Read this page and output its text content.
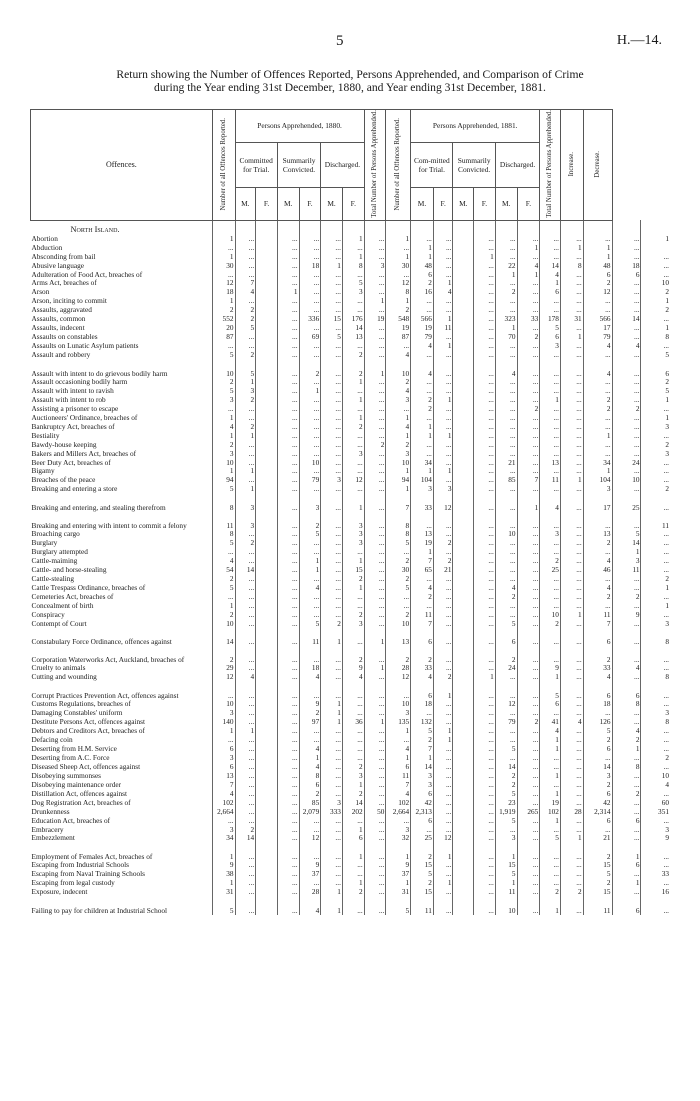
5	H.—14.
Return showing the Number of Offences Reported, Persons Apprehended, and Comparison of Crime
during the Year ending 31st December, 1880, and Year ending 31st December, 1881.
Offences.	Number of all Offences Reported.	Persons Apprehended, 1880.						Total Number of Persons Apprehended.	Number of all Offences Reported.	Persons Apprehended, 1881.						Total Number of Persons Apprehended.	Increase.	Decrease.		
		Committed for Trial.		Summarily Convicted.		Discharged.				Com-mitted for Trial.		Summarily Convicted.		Discharged.						
		M.	F.	M.	F.	M.	F.			M.	F.	M.	F.	M.	F.					
North Island.																				
Abortion	1	...		...	...	...	1	...	1	...	...		...	...	...	...	...	...	...	1
Abduction	...	...		...	...	...	...	...	...	1	...		...	...	1	...	1	1	...	
Absconding from bail	1	...		...	...	...	1	...	1	1	...		1	...	...	...	...	1	...	...
Abusive language	30	...		...	18	1	8	3	30	48	...		...	22	4	14	8	48	18	...
Adulteration of Food Act, breaches of	...	...		...	...	...	...	...	...	6	...		...	1	1	4	...	6	6	...
Arms Act, breaches of	12	7		...	...	...	5	...	12	2	1		...	...	...	1	...	2	...	10
Arson	18	4		1	...	...	3	...	8	16	4		...	2	...	6	...	12	...	2
Arson, inciting to commit	1	...		...	...	...	...	1	1	...	...		...	...	...	...	...	...	...	1
Assaults, aggravated	2	2		...	...	...	...	...	2	...	...		...	...	...	...	...	...	...	2
Assaults, common	552	2		...	336	15	176	19	548	566	1		...	323	33	178	31	566	14	...
Assaults, indecent	20	5		...	...	...	14	...	19	19	11		...	1	...	5	...	17	...	1
Assaults on constables	87	...		...	69	5	13	...	87	79	...		...	70	2	6	1	79	...	8
Assaults on Lunatic Asylum patients	...	...		...	...	...	...	...	...	4	1		...	...	...	3	...	4	4	...
Assault and robbery	5	2		...	...	...	2	...	4	...	...		...	...	...	...	...	...	...	5
Assault with intent to do grievous bodily harm	10	5		...	2	...	2	1	10	4	...		...	4	...	...	...	4	...	6
Assault occasioning bodily harm	2	1		...	...	...	1	...	2	...	...		...	...	...	...	...	...	...	2
Assault with intent to ravish	5	3		...	1	...	...	...	4	...	...		...	...	...	...	...	...	...	5
Assault with intent to rob	3	2		...	...	...	1	...	3	2	1		...	...	...	1	...	2	...	1
Assisting a prisoner to escape	...	...		...	...	...	...	...	...	2	...		...	...	2	...	...	2	2	...
Auctioneers' Ordinance, breaches of	1	...		...	...	...	1	...	1	...	...		...	...	...	...	...	...	...	1
Bankruptcy Act, breaches of	4	2		...	...	...	2	...	4	1	...		...	...	...	...	...	...	...	3
Bestiality	1	1		...	...	...	...	...	1	1	1		...	...	...	...	...	1	...	...
Bawdy-house keeping	2	...		...	...	...	...	2	2	...	...		...	...	...	...	...	...	...	2
Bakers and Millers Act, breaches of	3	...		...	...	...	3	...	3	...	...		...	...	...	...	...	...	...	3
Beer Duty Act, breaches of	10	...		...	10	...	...	...	10	34	...		...	21	...	13	...	34	24	...
Bigamy	1	1		...	...	...	...	...	1	1	1		...	...	...	...	...	1	...	...
Breaches of the peace	94	...		...	79	3	12	...	94	104	...		...	85	7	11	1	104	10	...
Breaking and entering a store	5	1		...	...	...	...	...	1	3	3		...	...	...	...	...	3	...	2
Breaking and entering, and stealing therefrom	8	3		...	3	...	1	...	7	33	12		...	...	1	4	...	17	25	...
Breaking and entering with intent to commit a felony	11	3		...	2	...	3	...	8	...	...		...	...	...	...	...	...	...	11
Broaching cargo	8	...		...	5	...	3	...	8	13	...		...	10	...	3	...	13	5	...
Burglary	5	2		...	...	...	3	...	5	19	2		...	...	...	...	...	2	14	...
Burglary attempted	...	...		...	...	...	...	...	...	1	...		...	...	...	...	...	...	1	...
Cattle-maiming	4	...		...	1	...	1	...	2	7	2		...	...	...	2	...	4	3	...
Cattle- and horse-stealing	54	14		...	1	...	15	...	30	65	21		...	...	...	25	...	46	11	...
Cattle-stealing	2	...		...	...	...	2	...	2	...	...		...	...	...	...	...	...	...	2
Cattle Trespass Ordinance, breaches of	5	...		...	4	...	1	...	5	4	...		...	4	...	...	...	4	...	1
Cemeteries Act, breaches of	...	...		...	...	...	...	...	...	2	...		...	2	...	...	...	2	2	...
Concealment of birth	1	...		...	...	...	...	...	...	...	...		...	...	...	...	...	...	...	1
Conspiracy	2	...		...	...	...	2	...	2	11	...		...	...	...	10	1	11	9	...
Contempt of Court	10	...		...	5	2	3	...	10	7	...		...	5	...	2	...	7	...	3
Constabulary Force Ordinance, offences against	14	...		...	11	1	...	1	13	6	...		...	6	...	...	...	6	...	8
Corporation Waterworks Act, Auckland, breaches of	2	...		...	...	...	2	...	2	2	...		...	2	...	...	...	2	...	...
Cruelty to animals	29	...		...	18	...	9	1	28	33	...		...	24	...	9	...	33	4	...
Cutting and wounding	12	4		...	4	...	4	...	12	4	2		1	...	...	1	...	4	...	8
Corrupt Practices Prevention Act, offences against	...	...		...	...	...	...	...	...	6	1		...	...	...	5	...	6	6	...
Customs Regulations, breaches of	10	...		...	9	1	...	...	10	18	...		...	12	...	6	...	18	8	...
Damaging Constables' uniform	3	...		...	2	1	...	...	3	...	...		...	...	...	...	...	...	...	3
Destitute Persons Act, offences against	140	...		...	97	1	36	1	135	132	...		...	79	2	41	4	126	...	8
Debtors and Creditors Act, breaches of	1	1		...	...	...	...	...	1	5	1		...	...	...	4	...	5	4	...
Defacing coin	...	...		...	...	...	...	...	...	2	1		...	...	...	1	...	2	2	...
Deserting from H.M. Service	6	...		...	4	...	...	...	4	7	...		...	5	...	1	...	6	1	...
Deserting from A.C. Force	3	...		...	1	...	...	...	1	1	...		...	...	...	...	...	...	...	2
Diseased Sheep Act, offences against	6	...		...	4	...	2	...	6	14	...		...	14	...	...	...	14	8	...
Disobeying summonses	13	...		...	8	...	3	...	11	3	...		...	2	...	1	...	3	...	10
Disobeying maintenance order	7	...		...	6	...	1	...	7	3	...		...	2	...	...	...	2	...	4
Distillation Act, offences against	4	...		...	2	...	2	...	4	6	...		...	5	...	1	...	6	2	...
Dog Registration Act, breaches of	102	...		...	85	3	14	...	102	42	...		...	23	...	19	...	42	...	60
Drunkenness	2,664	...		...	2,079	333	202	50	2,664	2,313	...		...	1,919	265	102	28	2,314	...	351
Education Act, breaches of	...	...		...	...	...	...	...	...	6	...		...	5	...	1	...	6	6	...
Embracery	3	2		...	...	...	1	...	3	...	...		...	...	...	...	...	...	...	3
Embezzlement	34	14		...	12	...	6	...	32	25	12		...	3	...	5	1	21	...	9
Employment of Females Act, breaches of	1	...		...	...	...	1	...	1	2	1		...	1	...	...	...	2	1	...
Escaping from Industrial Schools	9	...		...	9	...	...	...	9	15	...		...	15	...	...	...	15	6	...
Escaping from Naval Training Schools	38	...		...	37	...	...	...	37	5	...		...	5	...	...	...	5	...	33
Escaping from legal custody	1	...		...	...	...	1	...	1	2	1		...	1	...	...	...	2	1	...
Exposure, indecent	31	...		...	28	1	2	...	31	15	...		...	11	...	2	2	15	...	16
Failing to pay for children at Industrial School	5	...		...	4	1	...	...	5	11	...		...	10	...	1	...	11	6	...
